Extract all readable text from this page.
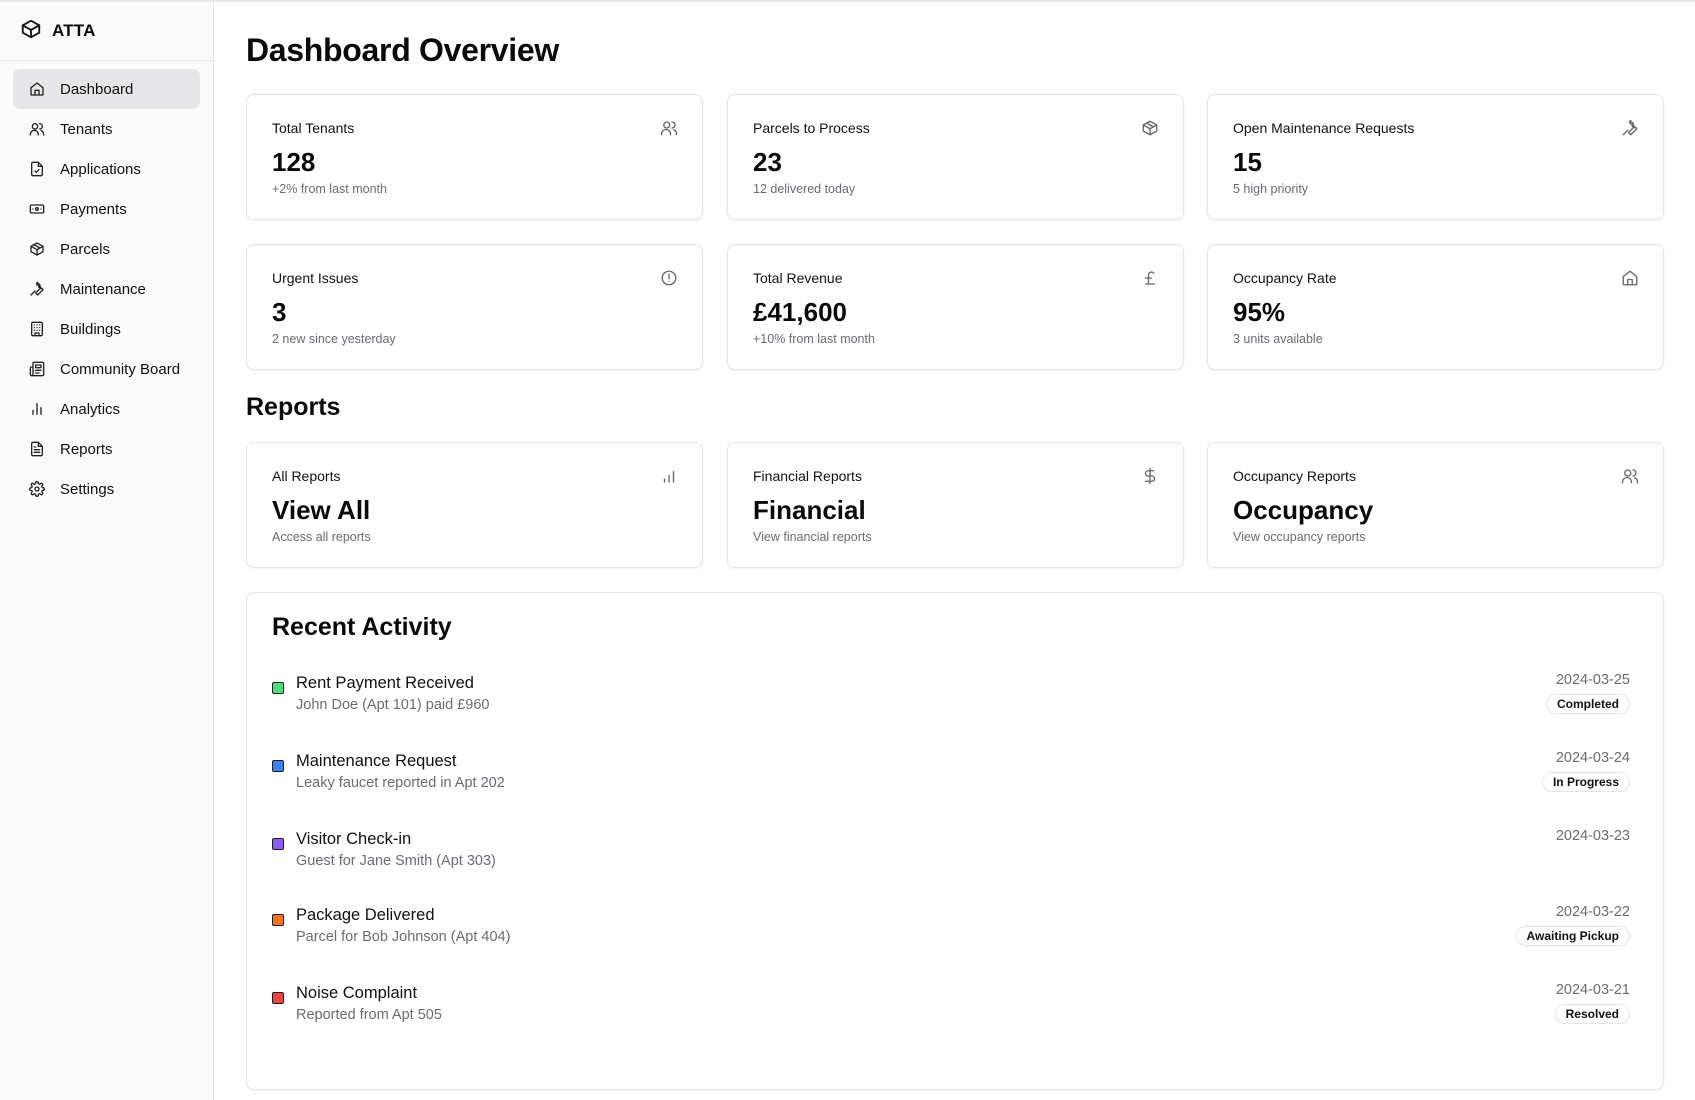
ATTA
Dashboard
Tenants
Applications
Payments
Parcels
Maintenance
Buildings
Community Board
Analytics
Reports
Settings
Dashboard Overview
Total Tenants
128
+2% from last month
Parcels to Process
23
12 delivered today
Open Maintenance Requests
15
5 high priority
Urgent Issues
3
2 new since yesterday
Total Revenue
£41,600
+10% from last month
Occupancy Rate
95%
3 units available
Reports
All Reports
View All
Access all reports
Financial Reports
Financial
View financial reports
Occupancy Reports
Occupancy
View occupancy reports
Recent Activity
Rent Payment Received
John Doe (Apt 101) paid £960
2024-03-25
Completed
Maintenance Request
Leaky faucet reported in Apt 202
2024-03-24
In Progress
Visitor Check-in
Guest for Jane Smith (Apt 303)
2024-03-23
Package Delivered
Parcel for Bob Johnson (Apt 404)
2024-03-22
Awaiting Pickup
Noise Complaint
Reported from Apt 505
2024-03-21
Resolved
